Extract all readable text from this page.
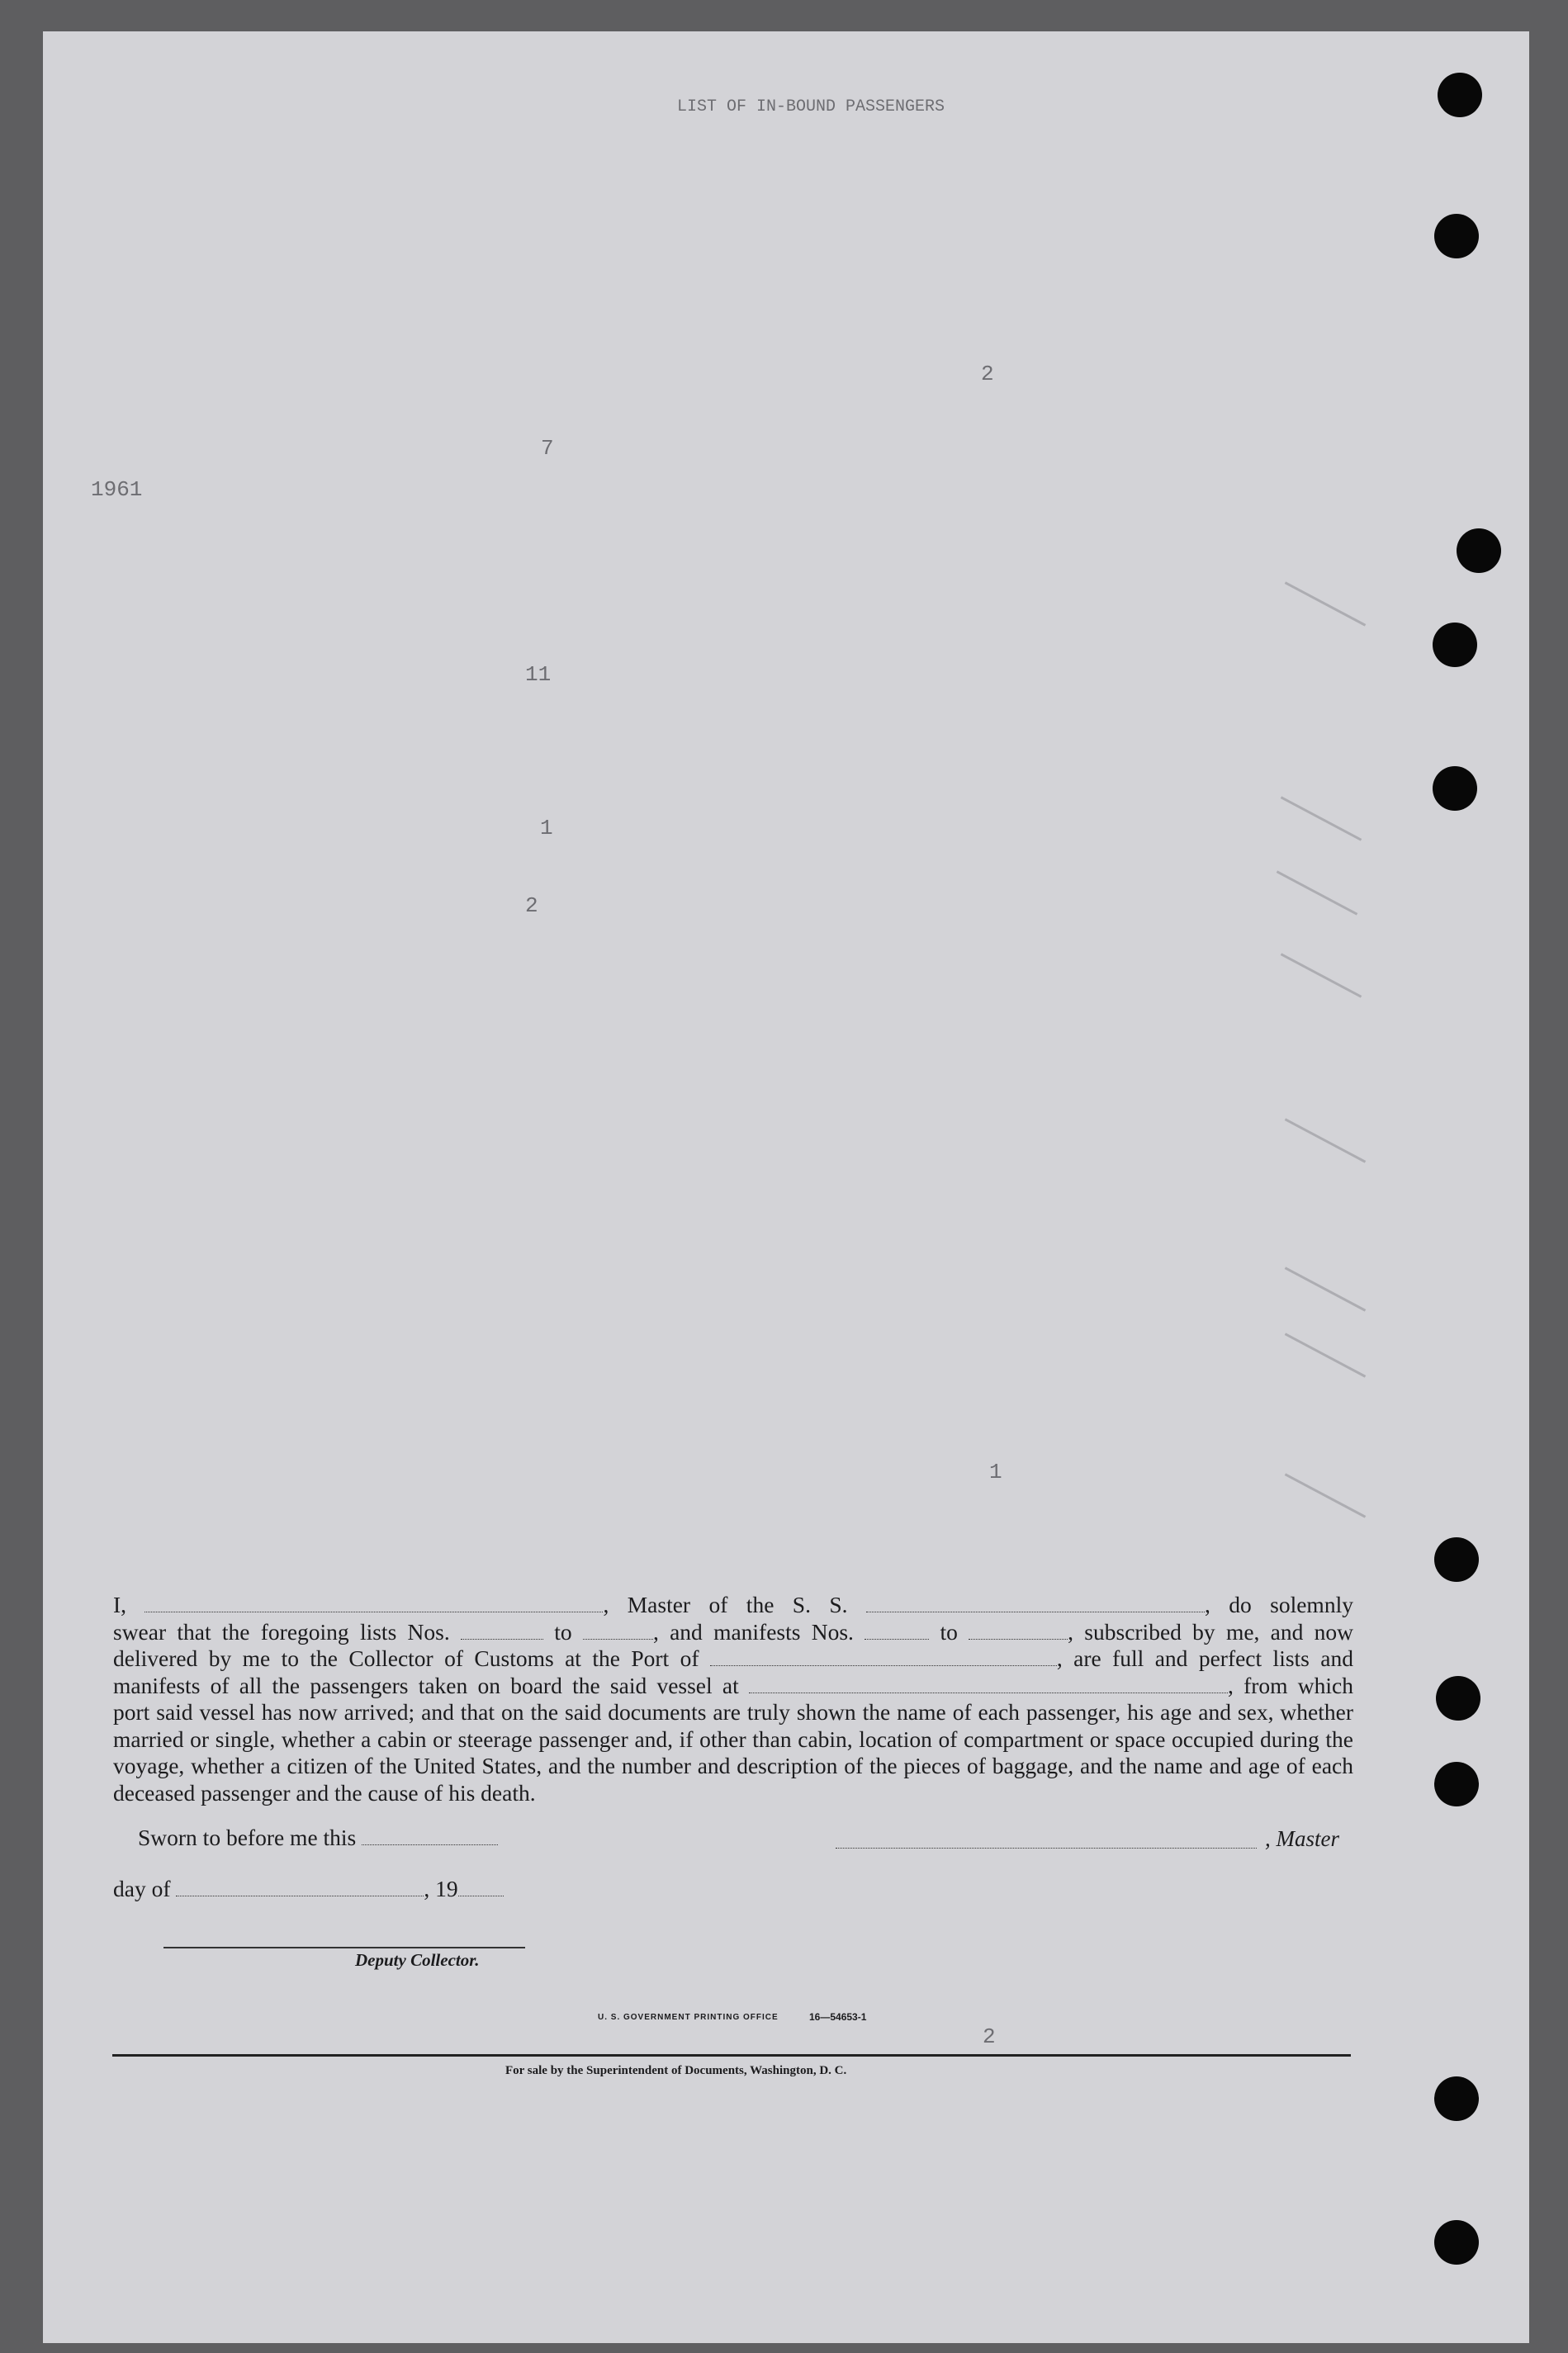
LIST OF IN-BOUND PASSENGERS
1961
2
7
11
1
2
1
2

I,	, Master of the S. S.	, do solemnly

swear that the foregoing lists Nos.	to	, and manifests Nos.	to	, subscribed by me, and now

delivered by me to the Collector of Customs at the Port of	, are full and perfect lists and

manifests of all the passengers taken on board the said vessel at	, from which

port said vessel has now arrived; and that on the said documents are truly shown the name of each passenger, his age and sex, whether married or single, whether a cabin or steerage passenger and, if other than cabin, location of compartment or space occupied during the voyage, whether a citizen of the United States, and the number and description of the pieces of baggage, and the name and age of each deceased passenger and the cause of his death.

Sworn to before me this	, Master
day of	, 19
Deputy Collector.
U. S. GOVERNMENT PRINTING OFFICE	16—54653-1
For sale by the Superintendent of Documents, Washington, D. C.
